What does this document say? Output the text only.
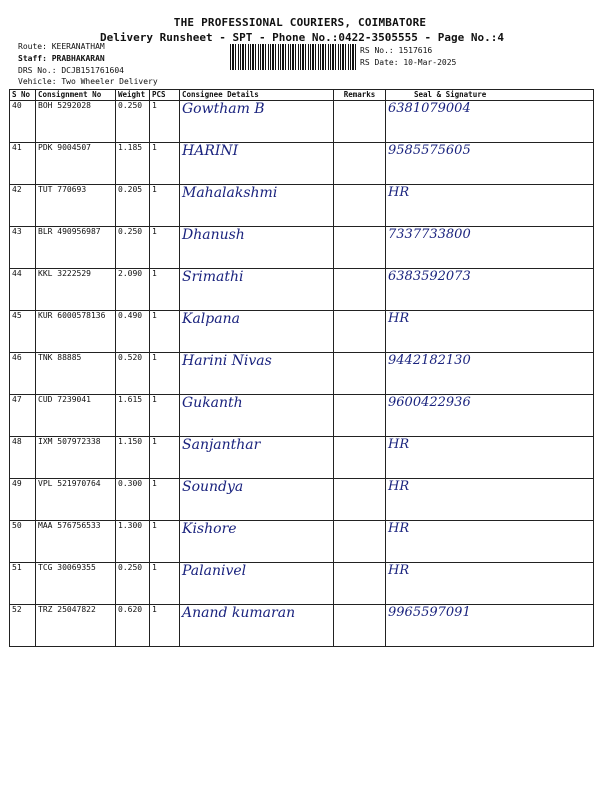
THE PROFESSIONAL COURIERS, COIMBATORE
Delivery Runsheet - SPT - Phone No.:0422-3505555 - Page No.:4
Route: KEERANATHAM
Staff: PRABHAKARAN
DRS No.: DCJB151761604
Vehicle: Two Wheeler Delivery
RS No.: 1517616
RS Date: 10-Mar-2025
S No	Consignment No	Weight	PCS	Consignee Details	Remarks	Seal & Signature
40	BOH 5292028	0.250	1	Gowtham B		6381079004
41	PDK 9004507	1.185	1	HARINI		9585575605
42	TUT 770693	0.205	1	Mahalakshmi		HR
43	BLR 490956987	0.250	1	Dhanush		7337733800
44	KKL 3222529	2.090	1	Srimathi		6383592073
45	KUR 6000578136	0.490	1	Kalpana		HR
46	TNK 88885	0.520	1	Harini Nivas		9442182130
47	CUD 7239041	1.615	1	Gukanth		9600422936
48	IXM 507972338	1.150	1	Sanjanthar		HR
49	VPL 521970764	0.300	1	Soundya		HR
50	MAA 576756533	1.300	1	Kishore		HR
51	TCG 30069355	0.250	1	Palanivel		HR
52	TRZ 25047822	0.620	1	Anand kumaran		9965597091
